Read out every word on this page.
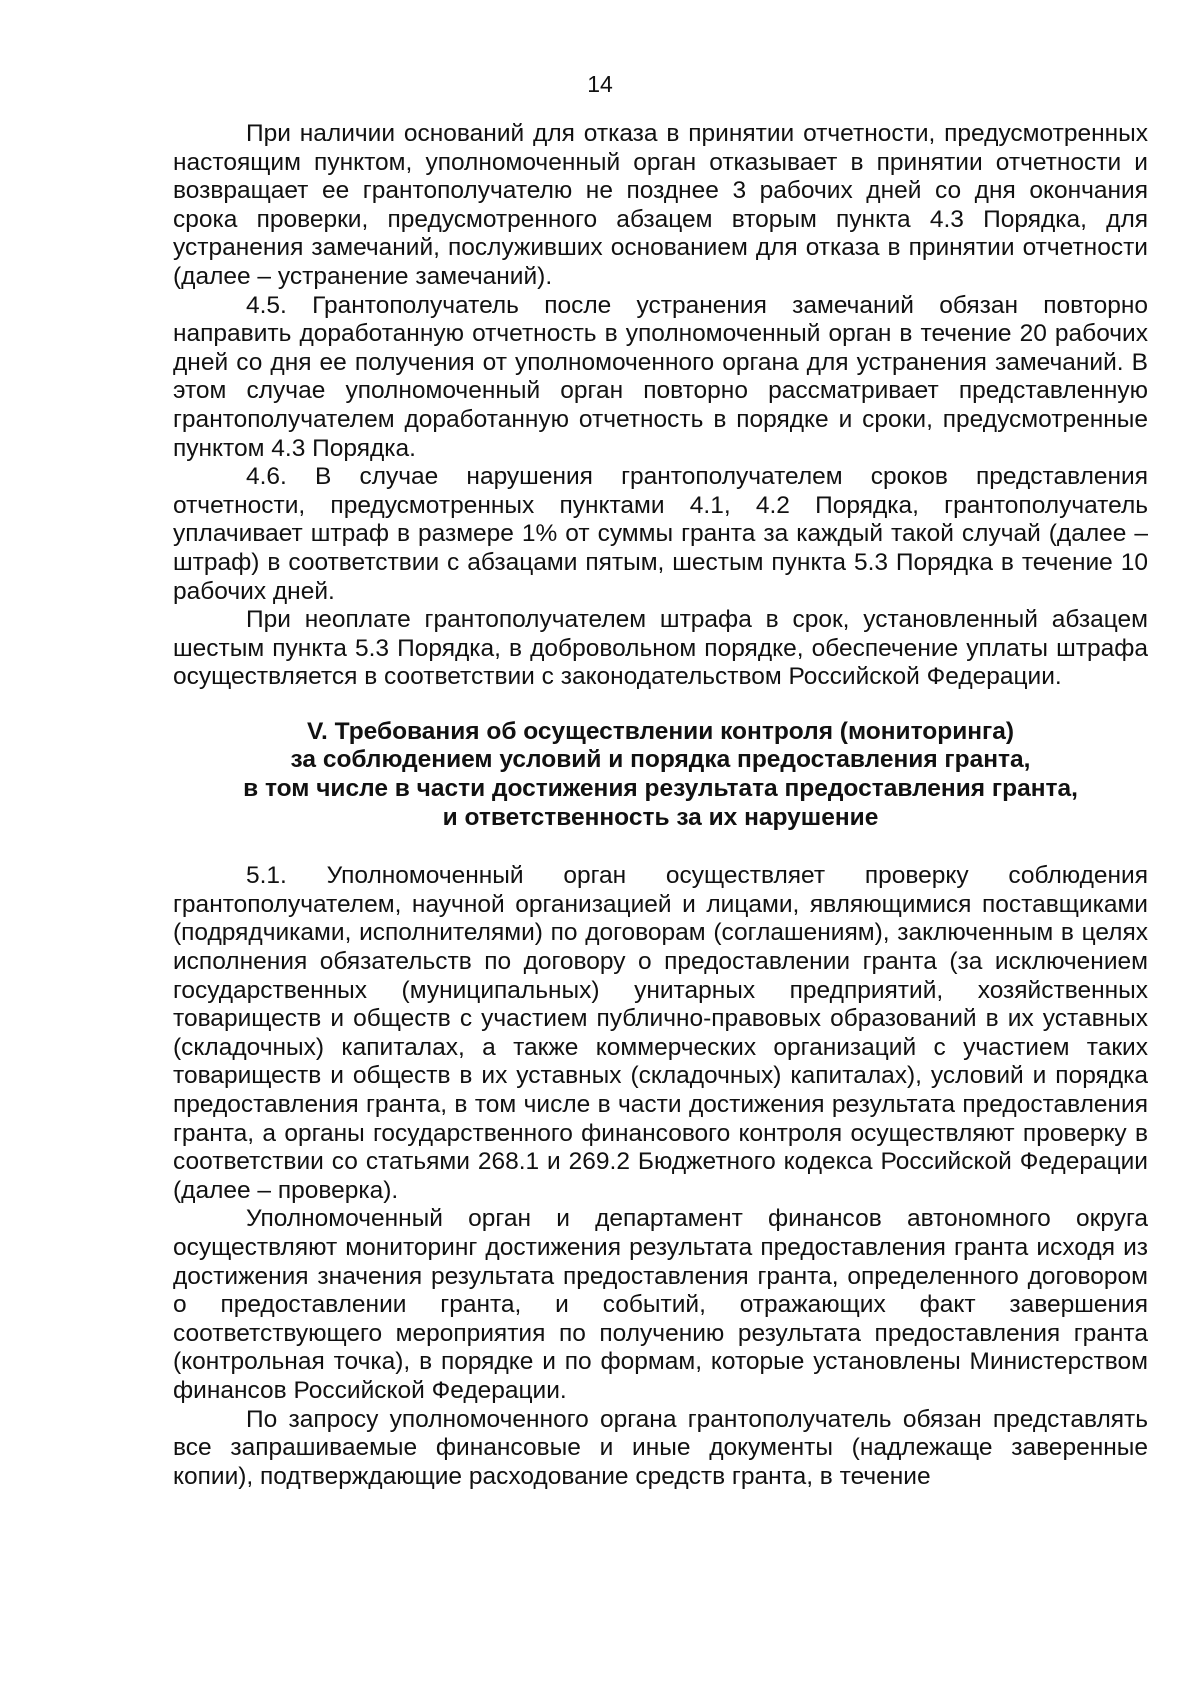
14

При наличии оснований для отказа в принятии отчетности, предусмотренных настоящим пунктом, уполномоченный орган отказывает в принятии отчетности и возвращает ее грантополучателю не позднее 3 рабочих дней со дня окончания срока проверки, предусмотренного абзацем вторым пункта 4.3 Порядка, для устранения замечаний, послуживших основанием для отказа в принятии отчетности (далее – устранение замечаний).

4.5. Грантополучатель после устранения замечаний обязан повторно направить доработанную отчетность в уполномоченный орган в течение 20 рабочих дней со дня ее получения от уполномоченного органа для устранения замечаний. В этом случае уполномоченный орган повторно рассматривает представленную грантополучателем доработанную отчетность в порядке и сроки, предусмотренные пунктом 4.3 Порядка.

4.6. В случае нарушения грантополучателем сроков представления отчетности, предусмотренных пунктами 4.1, 4.2 Порядка, грантополучатель уплачивает штраф в размере 1% от суммы гранта за каждый такой случай (далее – штраф) в соответствии с абзацами пятым, шестым пункта 5.3 Порядка в течение 10 рабочих дней.

При неоплате грантополучателем штрафа в срок, установленный абзацем шестым пункта 5.3 Порядка, в добровольном порядке, обеспечение уплаты штрафа осуществляется в соответствии с законодательством Российской Федерации.

V. Требования об осуществлении контроля (мониторинга)
за соблюдением условий и порядка предоставления гранта,
в том числе в части достижения результата предоставления гранта,
и ответственность за их нарушение

5.1. Уполномоченный орган осуществляет проверку соблюдения грантополучателем, научной организацией и лицами, являющимися поставщиками (подрядчиками, исполнителями) по договорам (соглашениям), заключенным в целях исполнения обязательств по договору о предоставлении гранта (за исключением государственных (муниципальных) унитарных предприятий, хозяйственных товариществ и обществ с участием публично-правовых образований в их уставных (складочных) капиталах, а также коммерческих организаций с участием таких товариществ и обществ в их уставных (складочных) капиталах), условий и порядка предоставления гранта, в том числе в части достижения результата предоставления гранта, а органы государственного финансового контроля осуществляют проверку в соответствии со статьями 268.1 и 269.2 Бюджетного кодекса Российской Федерации (далее – проверка).

Уполномоченный орган и департамент финансов автономного округа осуществляют мониторинг достижения результата предоставления гранта исходя из достижения значения результата предоставления гранта, определенного договором о предоставлении гранта, и событий, отражающих факт завершения соответствующего мероприятия по получению результата предоставления гранта (контрольная точка), в порядке и по формам, которые установлены Министерством финансов Российской Федерации.

По запросу уполномоченного органа грантополучатель обязан представлять все запрашиваемые финансовые и иные документы (надлежаще заверенные копии), подтверждающие расходование средств гранта, в течение
